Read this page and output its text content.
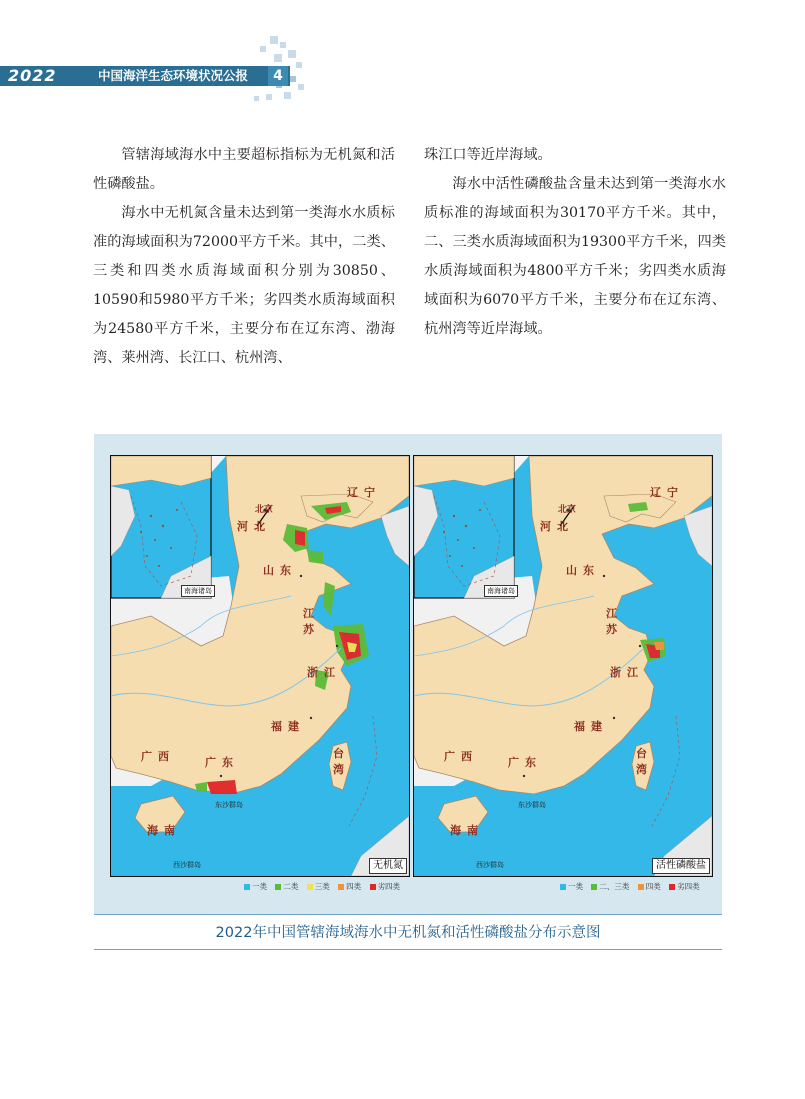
2022	中国海洋生态环境状况公报	4

管辖海域海水中主要超标指标为无机氮和活性磷酸盐。

海水中无机氮含量未达到第一类海水水质标准的海域面积为72000平方千米。其中，二类、三类和四类水质海域面积分别为30850、10590和5980平方千米；劣四类水质海域面积为24580平方千米，主要分布在辽东湾、渤海湾、莱州湾、长江口、杭州湾、

珠江口等近岸海域。

海水中活性磷酸盐含量未达到第一类海水水质标准的海域面积为30170平方千米。其中，二、三类水质海域面积为19300平方千米，四类水质海域面积为4800平方千米；劣四类水质海域面积为6070平方千米，主要分布在辽东湾、杭州湾等近岸海域。

南海诸岛
辽宁
北京
河北
山东
江苏
浙江
福建
广西	广东
台湾
海南
东沙群岛
西沙群岛	无机氮
南海诸岛
辽宁
北京
河北
山东
江苏
浙江
福建
广西	广东
台湾
海南
东沙群岛
西沙群岛	活性磷酸盐
一类 二类 三类 四类 劣四类	一类 二、三类 四类 劣四类
2022年中国管辖海域海水中无机氮和活性磷酸盐分布示意图
